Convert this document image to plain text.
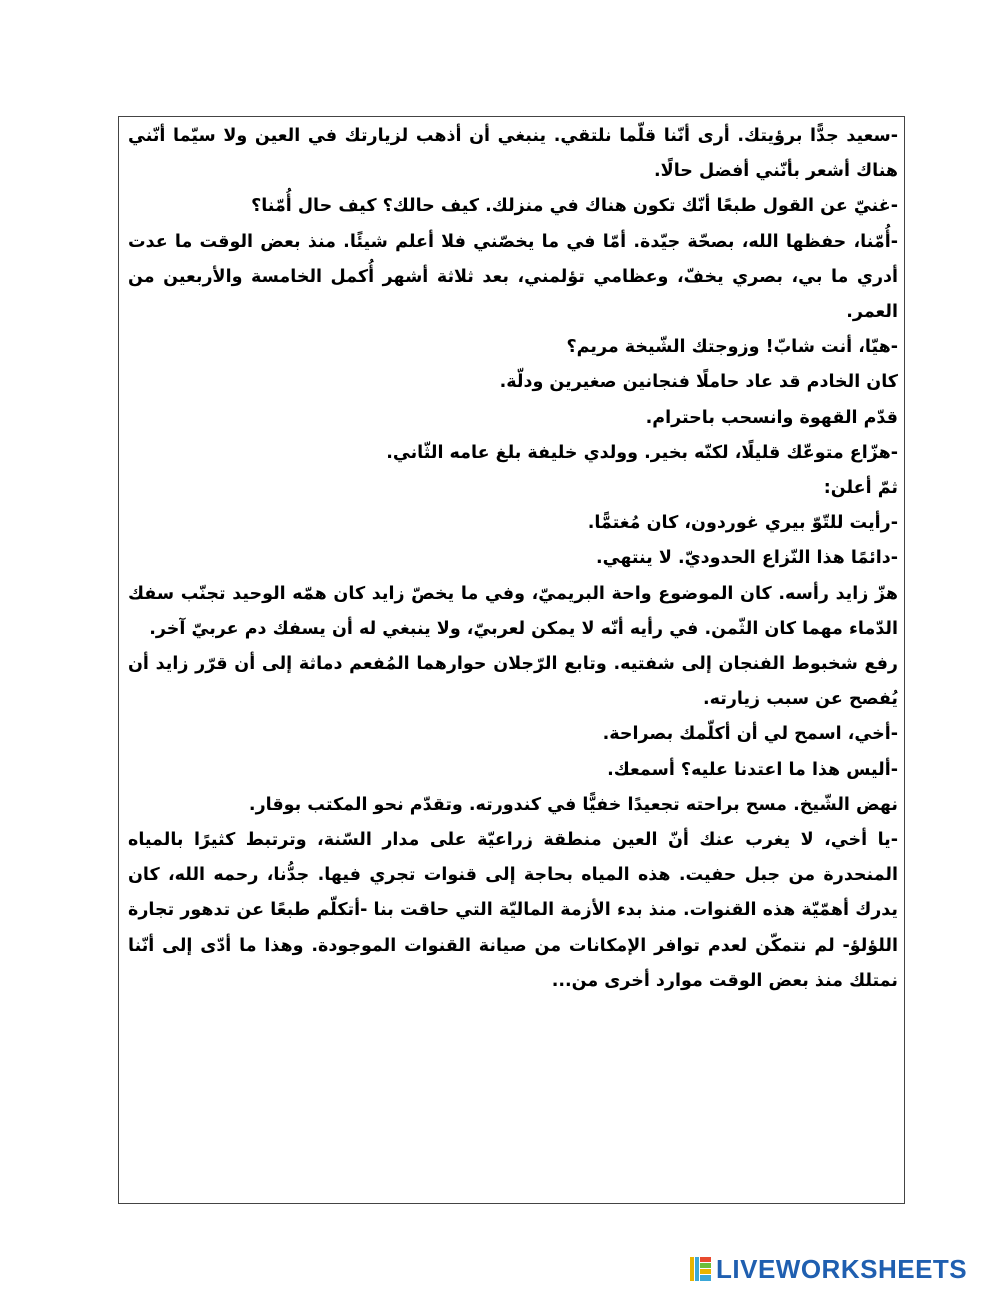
-سعيد جدًّا برؤيتك. أرى أنّنا قلّما نلتقي. ينبغي أن أذهب لزيارتك في العين ولا سيّما أنّني هناك أشعر بأنّني أفضل حالًا.

-غنيّ عن القول طبعًا أنّك تكون هناك في منزلك. كيف حالك؟ كيف حال أُمّنا؟

-أُمّنا، حفظها الله، بصحّة جيّدة. أمّا في ما يخصّني فلا أعلم شيئًا. منذ بعض الوقت ما عدت أدري ما بي، بصري يخفّ، وعظامي تؤلمني، بعد ثلاثة أشهر أُكمل الخامسة والأربعين من العمر.

-هيّا، أنت شابّ! وزوجتك الشّيخة مريم؟

كان الخادم قد عاد حاملًا فنجانين صغيرين ودلّة.

قدّم القهوة وانسحب باحترام.

-هزّاع متوعّك قليلًا، لكنّه بخير. وولدي خليفة بلغ عامه الثّاني.

ثمّ أعلن:

-رأيت للتّوّ بيري غوردون، كان مُغتمًّا.

-دائمًا هذا النّزاع الحدوديّ. لا ينتهي.

هزّ زايد رأسه. كان الموضوع واحة البريميّ، وفي ما يخصّ زايد كان همّه الوحيد تجنّب سفك الدّماء مهما كان الثّمن. في رأيه أنّه لا يمكن لعربيّ، ولا ينبغي له أن يسفك دم عربيّ آخر.

رفع شخبوط الفنجان إلى شفتيه. وتابع الرّجلان حوارهما المُفعم دماثة إلى أن قرّر زايد أن يُفصح عن سبب زيارته.

-أخي، اسمح لي أن أكلّمك بصراحة.

-أليس هذا ما اعتدنا عليه؟ أسمعك.

نهض الشّيخ. مسح براحته تجعيدًا خفيًّا في كندورته. وتقدّم نحو المكتب بوقار.

-يا أخي، لا يغرب عنك أنّ العين منطقة زراعيّة على مدار السّنة، وترتبط كثيرًا بالمياه المنحدرة من جبل حفيت. هذه المياه بحاجة إلى قنوات تجري فيها. جدُّنا، رحمه الله، كان يدرك أهمّيّة هذه القنوات. منذ بدء الأزمة الماليّة التي حاقت بنا -أتكلّم طبعًا عن تدهور تجارة اللؤلؤ- لم نتمكّن لعدم توافر الإمكانات من صيانة القنوات الموجودة. وهذا ما أدّى إلى أنّنا نمتلك منذ بعض الوقت موارد أخرى من...

LIVEWORKSHEETS
